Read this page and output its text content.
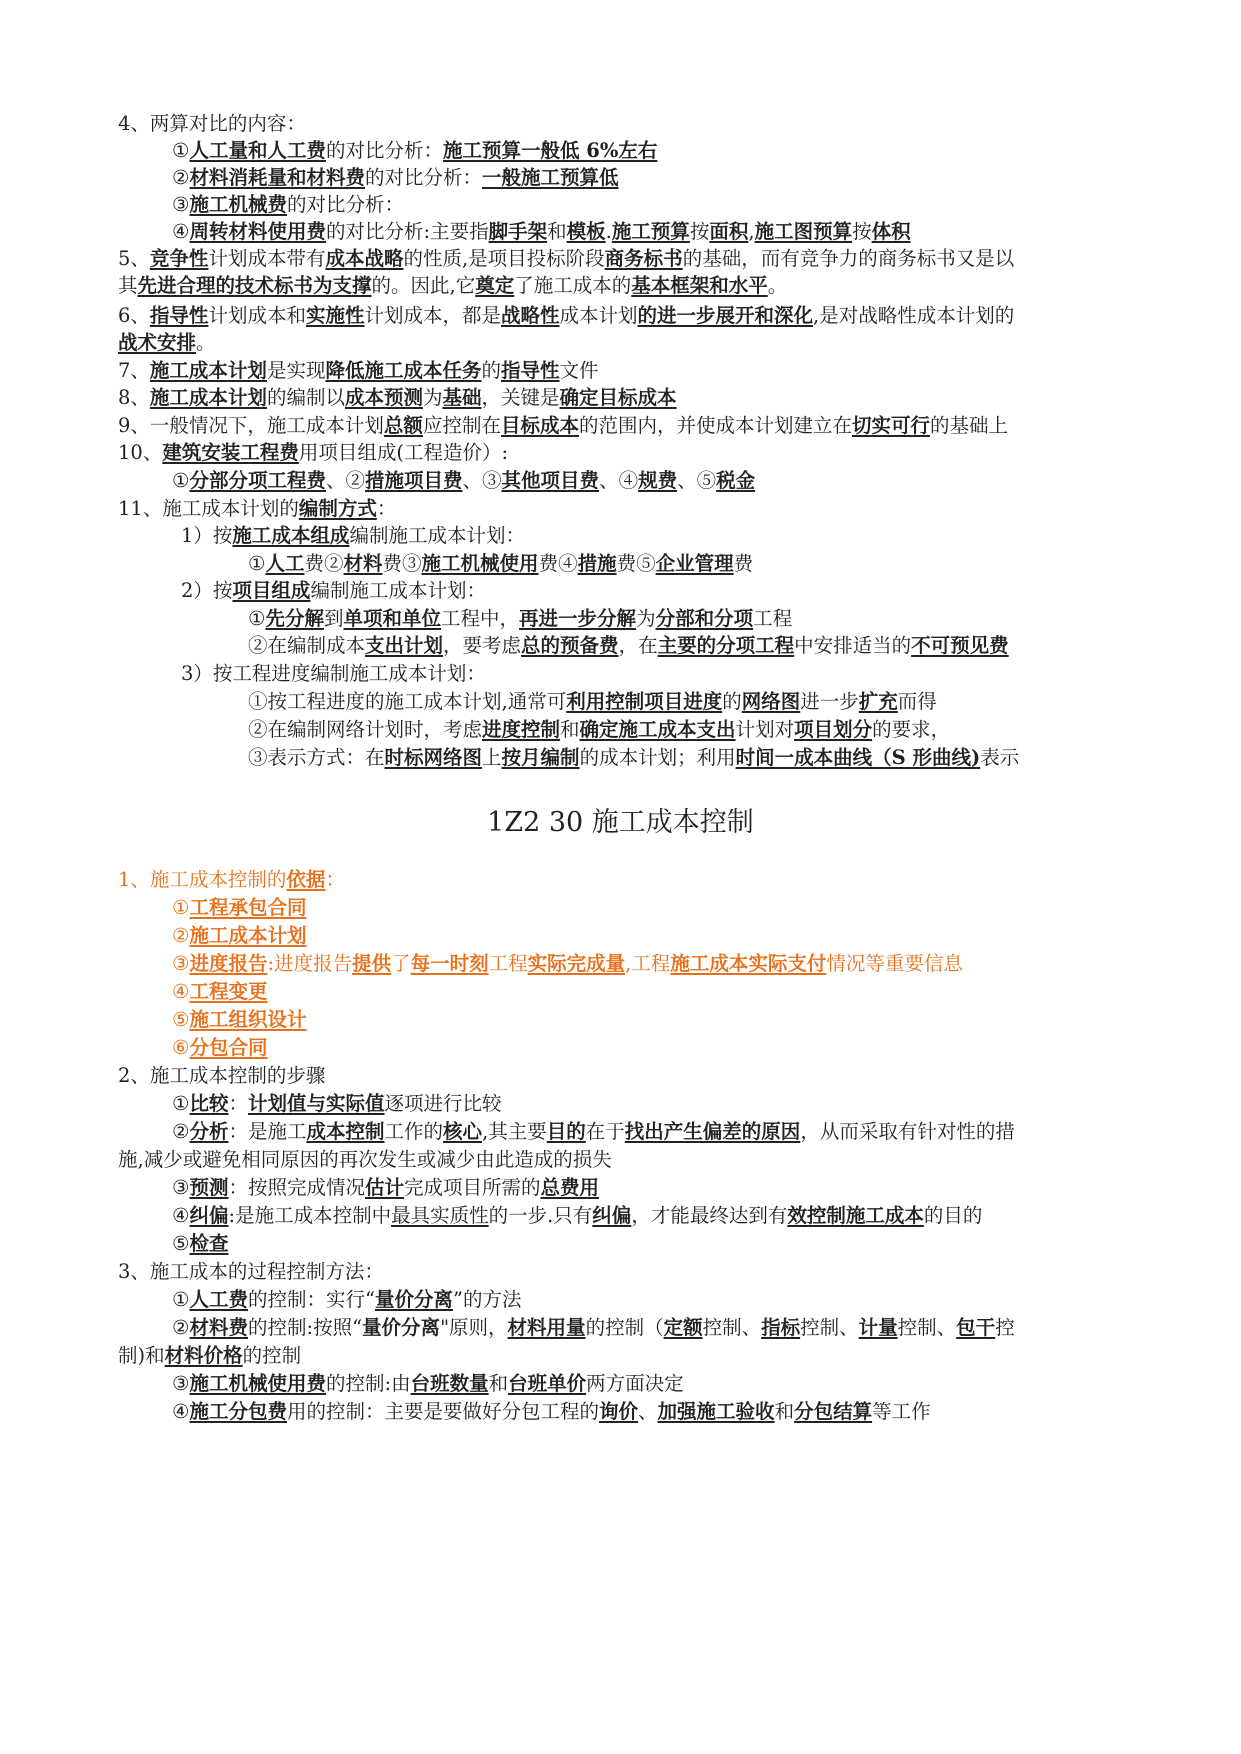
4、两算对比的内容：
①人工量和人工费的对比分析：施工预算一般低 6%左右
②材料消耗量和材料费的对比分析：一般施工预算低
③施工机械费的对比分析：
④周转材料使用费的对比分析:主要指脚手架和模板.施工预算按面积,施工图预算按体积
5、竞争性计划成本带有成本战略的性质,是项目投标阶段商务标书的基础，而有竞争力的商务标书又是以
其先进合理的技术标书为支撑的。因此,它奠定了施工成本的基本框架和水平。
6、指导性计划成本和实施性计划成本，都是战略性成本计划的进一步展开和深化,是对战略性成本计划的
战术安排。
7、施工成本计划是实现降低施工成本任务的指导性文件
8、施工成本计划的编制以成本预测为基础，关键是确定目标成本
9、一般情况下，施工成本计划总额应控制在目标成本的范围内，并使成本计划建立在切实可行的基础上
10、建筑安装工程费用项目组成(工程造价）:
①分部分项工程费、②措施项目费、③其他项目费、④规费、⑤税金
11、施工成本计划的编制方式：
1）按施工成本组成编制施工成本计划：
①人工费②材料费③施工机械使用费④措施费⑤企业管理费
2）按项目组成编制施工成本计划：
①先分解到单项和单位工程中，再进一步分解为分部和分项工程
②在编制成本支出计划，要考虑总的预备费，在主要的分项工程中安排适当的不可预见费
3）按工程进度编制施工成本计划：
①按工程进度的施工成本计划,通常可利用控制项目进度的网络图进一步扩充而得
②在编制网络计划时，考虑进度控制和确定施工成本支出计划对项目划分的要求，
③表示方式：在时标网络图上按月编制的成本计划；利用时间一成本曲线（S 形曲线)表示
1Z2 30 施工成本控制
1、施工成本控制的依据：
①工程承包合同
②施工成本计划
③进度报告:进度报告提供了每一时刻工程实际完成量,工程施工成本实际支付情况等重要信息
④工程变更
⑤施工组织设计
⑥分包合同
2、施工成本控制的步骤
①比较：计划值与实际值逐项进行比较
②分析：是施工成本控制工作的核心,其主要目的在于找出产生偏差的原因，从而采取有针对性的措
施,减少或避免相同原因的再次发生或减少由此造成的损失
③预测：按照完成情况估计完成项目所需的总费用
④纠偏:是施工成本控制中最具实质性的一步.只有纠偏，才能最终达到有效控制施工成本的目的
⑤检查
3、施工成本的过程控制方法：
①人工费的控制：实行“量价分离”的方法
②材料费的控制:按照“量价分离"原则，材料用量的控制（定额控制、指标控制、计量控制、包干控
制)和材料价格的控制
③施工机械使用费的控制:由台班数量和台班单价两方面决定
④施工分包费用的控制：主要是要做好分包工程的询价、加强施工验收和分包结算等工作
